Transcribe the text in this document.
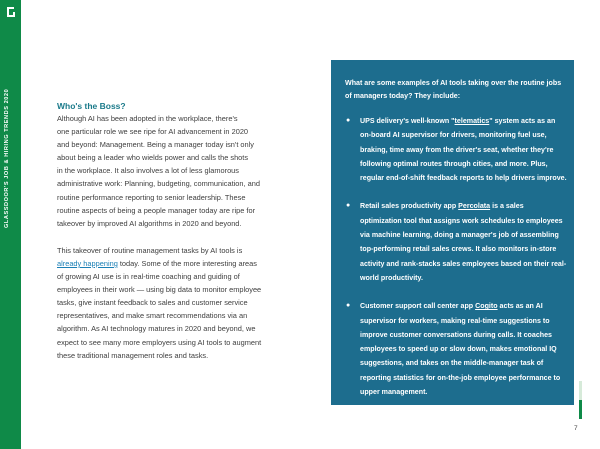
GLASSDOOR'S JOB & HIRING TRENDS 2020	Who's the Boss?

Although AI has been adopted in the workplace, there's
one particular role we see ripe for AI advancement in 2020
and beyond: Management. Being a manager today isn't only
about being a leader who wields power and calls the shots
in the workplace. It also involves a lot of less glamorous
administrative work: Planning, budgeting, communication, and
routine performance reporting to senior leadership. These
routine aspects of being a people manager today are ripe for
takeover by improved AI algorithms in 2020 and beyond.

This takeover of routine management tasks by AI tools is
already happening today. Some of the more interesting areas
of growing AI use is in real-time coaching and guiding of
employees in their work — using big data to monitor employee
tasks, give instant feedback to sales and customer service
representatives, and make smart recommendations via an
algorithm. As AI technology matures in 2020 and beyond, we
expect to see many more employers using AI tools to augment
these traditional management roles and tasks.

What are some examples of AI tools taking over the routine jobs of managers today? They include:
● UPS delivery's well-known "telematics" system acts as an on-board AI supervisor for drivers, monitoring fuel use, braking, time away from the driver's seat, whether they're following optimal routes through cities, and more. Plus, regular end-of-shift feedback reports to help drivers improve.
● Retail sales productivity app Percolata is a sales optimization tool that assigns work schedules to employees via machine learning, doing a manager's job of assembling top-performing retail sales crews. It also monitors in-store activity and rank-stacks sales employees based on their real-world productivity.
● Customer support call center app Cogito acts as an AI supervisor for workers, making real-time suggestions to improve customer conversations during calls. It coaches employees to speed up or slow down, makes emotional IQ suggestions, and takes on the middle-manager task of reporting statistics for on-the-job employee performance to upper management.
7
